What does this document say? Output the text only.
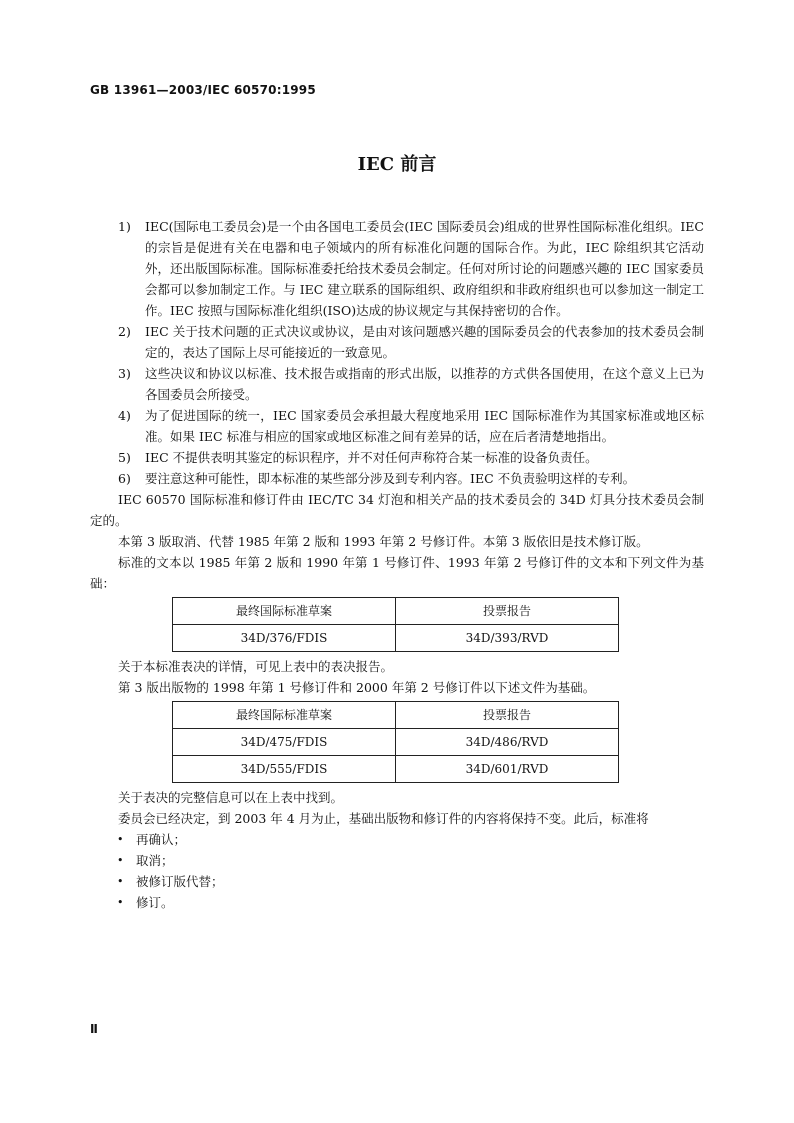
GB 13961—2003/IEC 60570:1995
IEC 前言
1) IEC(国际电工委员会)是一个由各国电工委员会(IEC 国际委员会)组成的世界性国际标准化组织。IEC 的宗旨是促进有关在电器和电子领域内的所有标准化问题的国际合作。为此，IEC 除组织其它活动外，还出版国际标准。国际标准委托给技术委员会制定。任何对所讨论的问题感兴趣的 IEC 国家委员会都可以参加制定工作。与 IEC 建立联系的国际组织、政府组织和非政府组织也可以参加这一制定工作。IEC 按照与国际标准化组织(ISO)达成的协议规定与其保持密切的合作。
2) IEC 关于技术问题的正式决议或协议，是由对该问题感兴趣的国际委员会的代表参加的技术委员会制定的，表达了国际上尽可能接近的一致意见。
3) 这些决议和协议以标准、技术报告或指南的形式出版，以推荐的方式供各国使用，在这个意义上已为各国委员会所接受。
4) 为了促进国际的统一，IEC 国家委员会承担最大程度地采用 IEC 国际标准作为其国家标准或地区标准。如果 IEC 标准与相应的国家或地区标准之间有差异的话，应在后者清楚地指出。
5) IEC 不提供表明其鉴定的标识程序，并不对任何声称符合某一标准的设备负责任。
6) 要注意这种可能性，即本标准的某些部分涉及到专利内容。IEC 不负责验明这样的专利。
IEC 60570 国际标准和修订件由 IEC/TC 34 灯泡和相关产品的技术委员会的 34D 灯具分技术委员会制定的。
本第 3 版取消、代替 1985 年第 2 版和 1993 年第 2 号修订件。本第 3 版依旧是技术修订版。
标准的文本以 1985 年第 2 版和 1990 年第 1 号修订件、1993 年第 2 号修订件的文本和下列文件为基础：
最终国际标准草案	投票报告
34D/376/FDIS	34D/393/RVD
关于本标准表决的详情，可见上表中的表决报告。
第 3 版出版物的 1998 年第 1 号修订件和 2000 年第 2 号修订件以下述文件为基础。
最终国际标准草案	投票报告
34D/475/FDIS	34D/486/RVD
34D/555/FDIS	34D/601/RVD
关于表决的完整信息可以在上表中找到。
委员会已经决定，到 2003 年 4 月为止，基础出版物和修订件的内容将保持不变。此后，标准将
• 再确认；
• 取消；
• 被修订版代替；
• 修订。
Ⅱ
